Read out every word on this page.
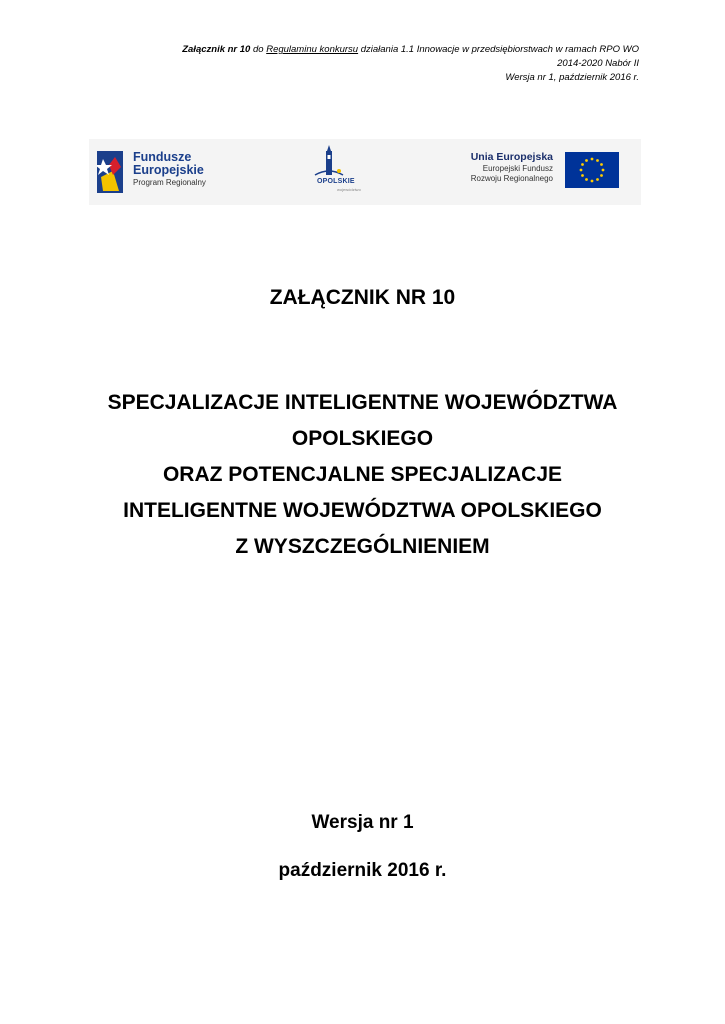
Załącznik nr 10 do Regulaminu konkursu działania 1.1 Innowacje w przedsiębiorstwach w ramach RPO WO
2014-2020 Nabór II
Wersja nr 1, październik 2016 r.
Fundusze
Europejskie
Program Regionalny	OPOLSKIE
województwo
Unia Europejska
Europejski Fundusz
Rozwoju Regionalnego
ZAŁĄCZNIK NR 10
SPECJALIZACJE INTELIGENTNE WOJEWÓDZTWA
OPOLSKIEGO
ORAZ POTENCJALNE SPECJALIZACJE
INTELIGENTNE WOJEWÓDZTWA OPOLSKIEGO
Z WYSZCZEGÓLNIENIEM
Wersja nr 1
październik 2016 r.
